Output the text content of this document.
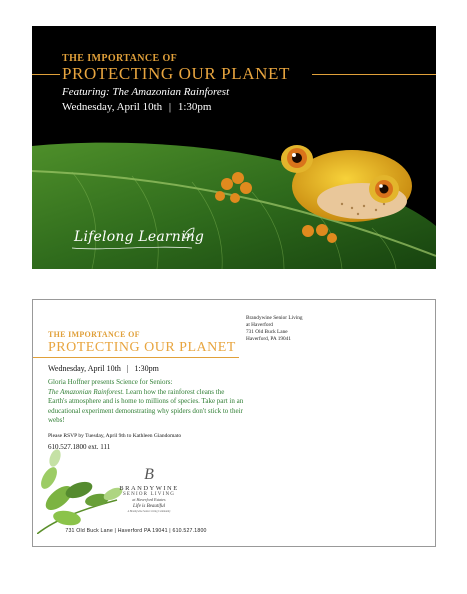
THE IMPORTANCE OF
PROTECTING OUR PLANET
Featuring: The Amazonian Rainforest
Wednesday, April 10th | 1:30pm
Lifelong Learning
Brandywine Senior Living
at Haverford
731 Old Buck Lane
Haverford, PA 19041
THE IMPORTANCE OF
PROTECTING OUR PLANET
Wednesday, April 10th | 1:30pm
Gloria Hoffner presents Science for Seniors:
The Amazonian Rainforest. Learn how the rainforest cleans the Earth's atmosphere and is home to millions of species. Take part in an educational experiment demonstrating why spiders don't stick to their webs!
Please RSVP by Tuesday, April 9th to Kathleen Giandomato
610.527.1800 ext. 111
B
BRANDYWINE
SENIOR LIVING
at Haverford Estates
Life is Beautiful
A Brandywine Senior Living Community
731 Old Buck Lane | Haverford PA 19041 | 610.527.1800
